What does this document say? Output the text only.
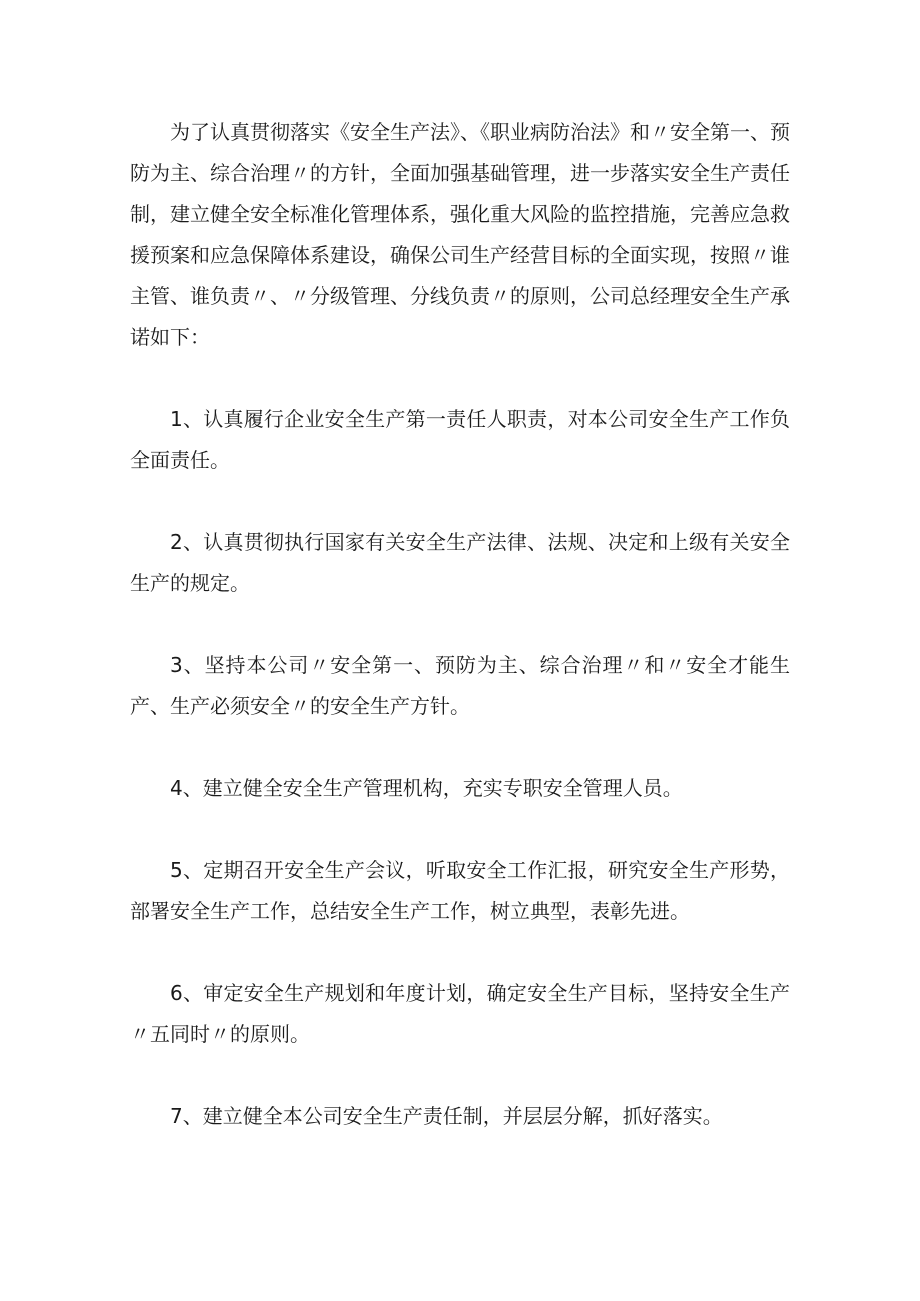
为了认真贯彻落实《安全生产法》、《职业病防治法》和〃安全第一、预防为主、综合治理〃的方针，全面加强基础管理，进一步落实安全生产责任制，建立健全安全标准化管理体系，强化重大风险的监控措施，完善应急救援预案和应急保障体系建设，确保公司生产经营目标的全面实现，按照〃谁主管、谁负责〃、〃分级管理、分线负责〃的原则，公司总经理安全生产承诺如下：

1、认真履行企业安全生产第一责任人职责，对本公司安全生产工作负全面责任。

2、认真贯彻执行国家有关安全生产法律、法规、决定和上级有关安全生产的规定。

3、坚持本公司〃安全第一、预防为主、综合治理〃和〃安全才能生产、生产必须安全〃的安全生产方针。

4、建立健全安全生产管理机构，充实专职安全管理人员。

5、定期召开安全生产会议，听取安全工作汇报，研究安全生产形势，部署安全生产工作，总结安全生产工作，树立典型，表彰先进。

6、审定安全生产规划和年度计划，确定安全生产目标，坚持安全生产〃五同时〃的原则。

7、建立健全本公司安全生产责任制，并层层分解，抓好落实。
